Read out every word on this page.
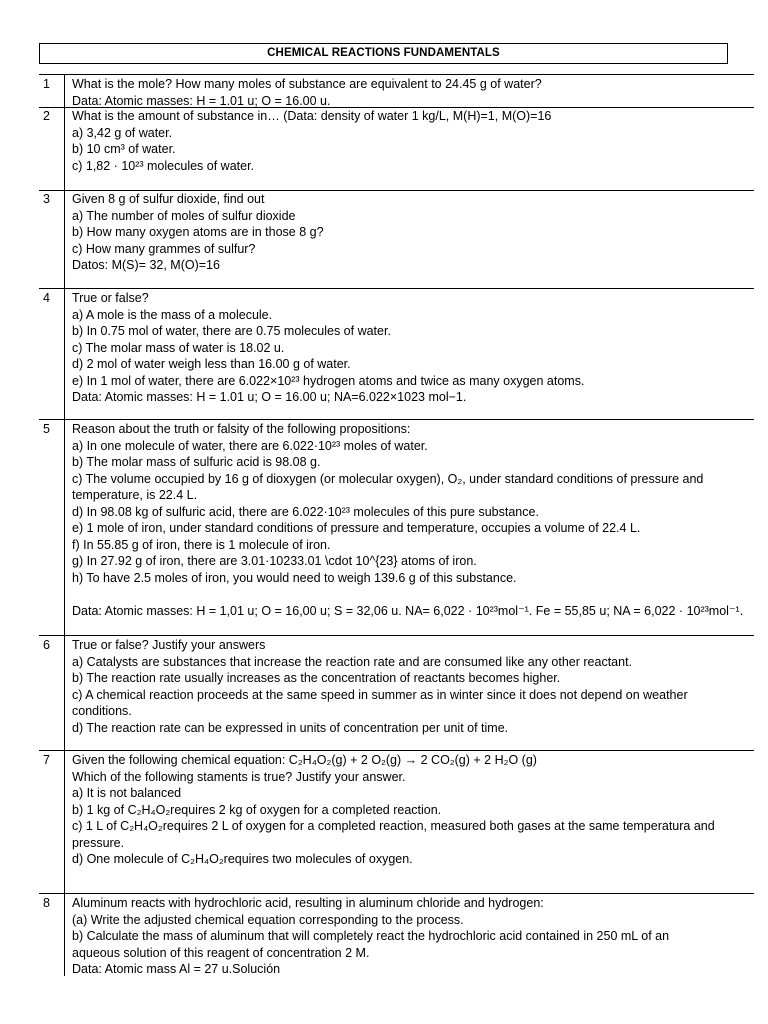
CHEMICAL REACTIONS FUNDAMENTALS
1 What is the mole? How many moles of substance are equivalent to 24.45 g of water?
Data: Atomic masses: H = 1.01 u; O = 16.00 u.
2 What is the amount of substance in… (Data: density of water 1 kg/L, M(H)=1, M(O)=16
a) 3,42 g of water.
b) 10 cm³ of water.
c) 1,82 · 10²³ molecules of water.
3 Given 8 g of sulfur dioxide, find out
a) The number of moles of sulfur dioxide
b) How many oxygen atoms are in those 8 g?
c) How many grammes of sulfur?
Datos: M(S)= 32, M(O)=16
4 True or false?
a) A mole is the mass of a molecule.
b) In 0.75 mol of water, there are 0.75 molecules of water.
c) The molar mass of water is 18.02 u.
d) 2 mol of water weigh less than 16.00 g of water.
e) In 1 mol of water, there are 6.022×10²³ hydrogen atoms and twice as many oxygen atoms.
Data: Atomic masses: H = 1.01 u; O = 16.00 u; NA=6.022×1023 mol−1.
5 Reason about the truth or falsity of the following propositions:
a) In one molecule of water, there are 6.022·10²³ moles of water.
b) The molar mass of sulfuric acid is 98.08 g.
c) The volume occupied by 16 g of dioxygen (or molecular oxygen), O₂, under standard conditions of pressure and temperature, is 22.4 L.
d) In 98.08 kg of sulfuric acid, there are 6.022·10²³ molecules of this pure substance.
e) 1 mole of iron, under standard conditions of pressure and temperature, occupies a volume of 22.4 L.
f) In 55.85 g of iron, there is 1 molecule of iron.
g) In 27.92 g of iron, there are 3.01·10233.01 \cdot 10^{23} atoms of iron.
h) To have 2.5 moles of iron, you would need to weigh 139.6 g of this substance.
Data: Atomic masses: H = 1,01 u; O = 16,00 u; S = 32,06 u. NA= 6,022 · 10²³mol⁻¹. Fe = 55,85 u; NA = 6,022 · 10²³mol⁻¹.
6 True or false? Justify your answers
a) Catalysts are substances that increase the reaction rate and are consumed like any other reactant.
b) The reaction rate usually increases as the concentration of reactants becomes higher.
c) A chemical reaction proceeds at the same speed in summer as in winter since it does not depend on weather conditions.
d) The reaction rate can be expressed in units of concentration per unit of time.
7 Given the following chemical equation: C₂H₄O₂(g) + 2 O₂(g) → 2 CO₂(g) + 2 H₂O (g)
Which of the following staments is true? Justify your answer.
a) It is not balanced
b) 1 kg of C₂H₄O₂requires 2 kg of oxygen for a completed reaction.
c) 1 L of C₂H₄O₂requires 2 L of oxygen for a completed reaction, measured both gases at the same temperatura and pressure.
d) One molecule of C₂H₄O₂requires two molecules of oxygen.
8 Aluminum reacts with hydrochloric acid, resulting in aluminum chloride and hydrogen:
(a) Write the adjusted chemical equation corresponding to the process.
b) Calculate the mass of aluminum that will completely react the hydrochloric acid contained in 250 mL of an aqueous solution of this reagent of concentration 2 M.
Data: Atomic mass Al = 27 u.Solución
